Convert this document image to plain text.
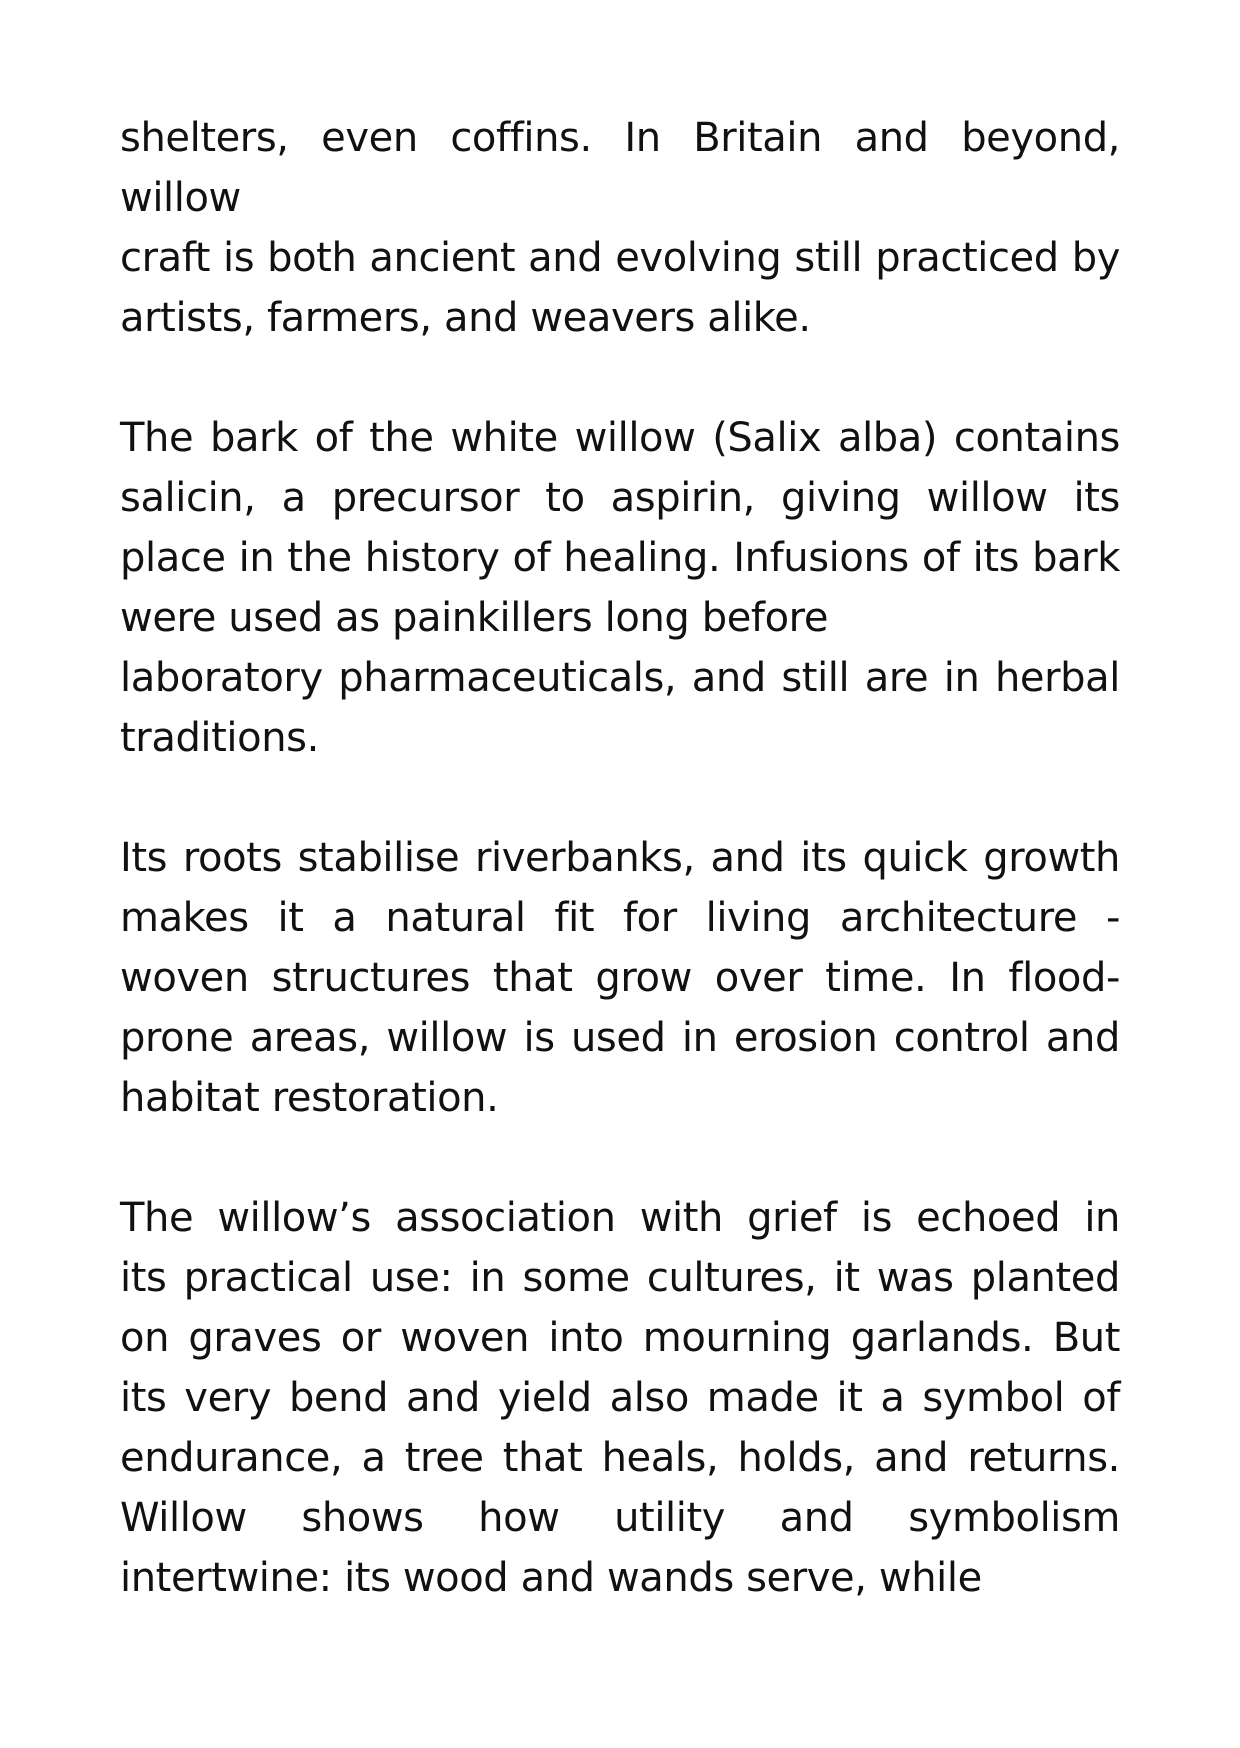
shelters, even coffins. In Britain and beyond, willow
craft is both ancient and evolving still practiced by
artists, farmers, and weavers alike.

The bark of the white willow (Salix alba) contains
salicin, a precursor to aspirin, giving willow its
place in the history of healing. Infusions of its bark
were used as painkillers long before
laboratory pharmaceuticals, and still are in herbal
traditions.

Its roots stabilise riverbanks, and its quick growth
makes it a natural fit for living architecture -
woven structures that grow over time. In flood-
prone areas, willow is used in erosion control and
habitat restoration.

The willow’s association with grief is echoed in
its practical use: in some cultures, it was planted
on graves or woven into mourning garlands. But
its very bend and yield also made it a symbol of
endurance, a tree that heals, holds, and returns.
Willow shows how utility and symbolism
intertwine: its wood and wands serve, while
